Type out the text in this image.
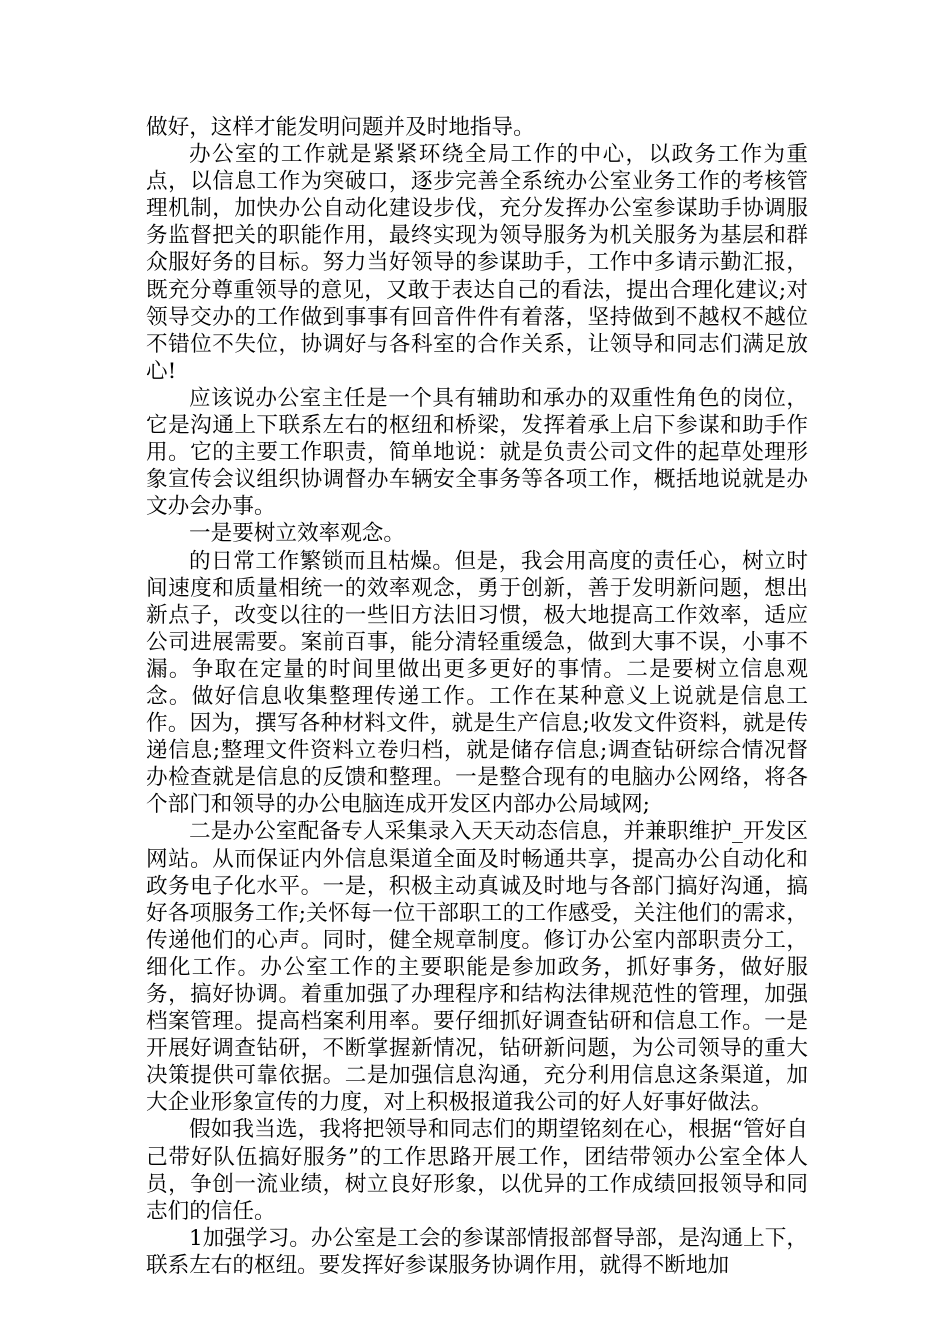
做好，这样才能发明问题并及时地指导。

办公室的工作就是紧紧环绕全局工作的中心，以政务工作为重点，以信息工作为突破口，逐步完善全系统办公室业务工作的考核管理机制，加快办公自动化建设步伐，充分发挥办公室参谋助手协调服务监督把关的职能作用，最终实现为领导服务为机关服务为基层和群众服好务的目标。努力当好领导的参谋助手，工作中多请示勤汇报，既充分尊重领导的意见，又敢于表达自己的看法，提出合理化建议;对领导交办的工作做到事事有回音件件有着落，坚持做到不越权不越位不错位不失位，协调好与各科室的合作关系，让领导和同志们满足放心!

应该说办公室主任是一个具有辅助和承办的双重性角色的岗位，它是沟通上下联系左右的枢纽和桥梁，发挥着承上启下参谋和助手作用。它的主要工作职责，简单地说：就是负责公司文件的起草处理形象宣传会议组织协调督办车辆安全事务等各项工作，概括地说就是办文办会办事。

一是要树立效率观念。

的日常工作繁锁而且枯燥。但是，我会用高度的责任心，树立时间速度和质量相统一的效率观念，勇于创新，善于发明新问题，想出新点子，改变以往的一些旧方法旧习惯，极大地提高工作效率，适应公司进展需要。案前百事，能分清轻重缓急，做到大事不误，小事不漏。争取在定量的时间里做出更多更好的事情。二是要树立信息观念。做好信息收集整理传递工作。工作在某种意义上说就是信息工作。因为，撰写各种材料文件，就是生产信息;收发文件资料，就是传递信息;整理文件资料立卷归档，就是储存信息;调查钻研综合情况督办检查就是信息的反馈和整理。一是整合现有的电脑办公网络，将各个部门和领导的办公电脑连成开发区内部办公局域网;

二是办公室配备专人采集录入天天动态信息，并兼职维护_开发区网站。从而保证内外信息渠道全面及时畅通共享，提高办公自动化和政务电子化水平。一是，积极主动真诚及时地与各部门搞好沟通，搞好各项服务工作;关怀每一位干部职工的工作感受，关注他们的需求，传递他们的心声。同时，健全规章制度。修订办公室内部职责分工，细化工作。办公室工作的主要职能是参加政务，抓好事务，做好服务，搞好协调。着重加强了办理程序和结构法律规范性的管理，加强档案管理。提高档案利用率。要仔细抓好调查钻研和信息工作。一是开展好调查钻研，不断掌握新情况，钻研新问题，为公司领导的重大决策提供可靠依据。二是加强信息沟通，充分利用信息这条渠道，加大企业形象宣传的力度，对上积极报道我公司的好人好事好做法。

假如我当选，我将把领导和同志们的期望铭刻在心，根据“管好自己带好队伍搞好服务”的工作思路开展工作，团结带领办公室全体人员，争创一流业绩，树立良好形象，以优异的工作成绩回报领导和同志们的信任。

1加强学习。办公室是工会的参谋部情报部督导部，是沟通上下，联系左右的枢纽。要发挥好参谋服务协调作用，就得不断地加
